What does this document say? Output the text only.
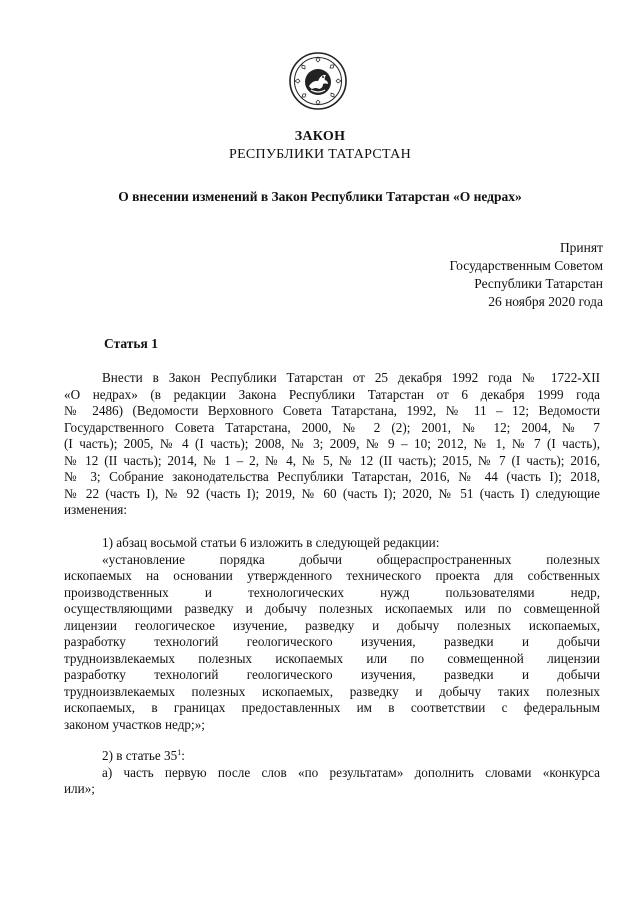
ЗАКОН
РЕСПУБЛИКИ ТАТАРСТАН
О внесении изменений в Закон Республики Татарстан «О недрах»
Принят
Государственным Советом
Республики Татарстан
26 ноября 2020 года
Статья 1
Внести в Закон Республики Татарстан от 25 декабря 1992 года № 1722-XII
«О недрах» (в редакции Закона Республики Татарстан от 6 декабря 1999 года
№ 2486) (Ведомости Верховного Совета Татарстана, 1992, № 11 – 12; Ведомости
Государственного Совета Татарстана, 2000, № 2 (2); 2001, № 12; 2004, № 7
(I часть); 2005, № 4 (I часть); 2008, № 3; 2009, № 9 – 10; 2012, № 1, № 7 (I часть),
№ 12 (II часть); 2014, № 1 – 2, № 4, № 5, № 12 (II часть); 2015, № 7 (I часть); 2016,
№ 3; Собрание законодательства Республики Татарстан, 2016, № 44 (часть I); 2018,
№ 22 (часть I), № 92 (часть I); 2019, № 60 (часть I); 2020, № 51 (часть I) следующие
изменения:
1) абзац восьмой статьи 6 изложить в следующей редакции:
«установление порядка добычи общераспространенных полезных
ископаемых на основании утвержденного технического проекта для собственных
производственных и технологических нужд пользователями недр,
осуществляющими разведку и добычу полезных ископаемых или по совмещенной
лицензии геологическое изучение, разведку и добычу полезных ископаемых,
разработку технологий геологического изучения, разведки и добычи
трудноизвлекаемых полезных ископаемых или по совмещенной лицензии
разработку технологий геологического изучения, разведки и добычи
трудноизвлекаемых полезных ископаемых, разведку и добычу таких полезных
ископаемых, в границах предоставленных им в соответствии с федеральным
законом участков недр;»;
2) в статье $35^1$:
а) часть первую после слов «по результатам» дополнить словами «конкурса
или»;
